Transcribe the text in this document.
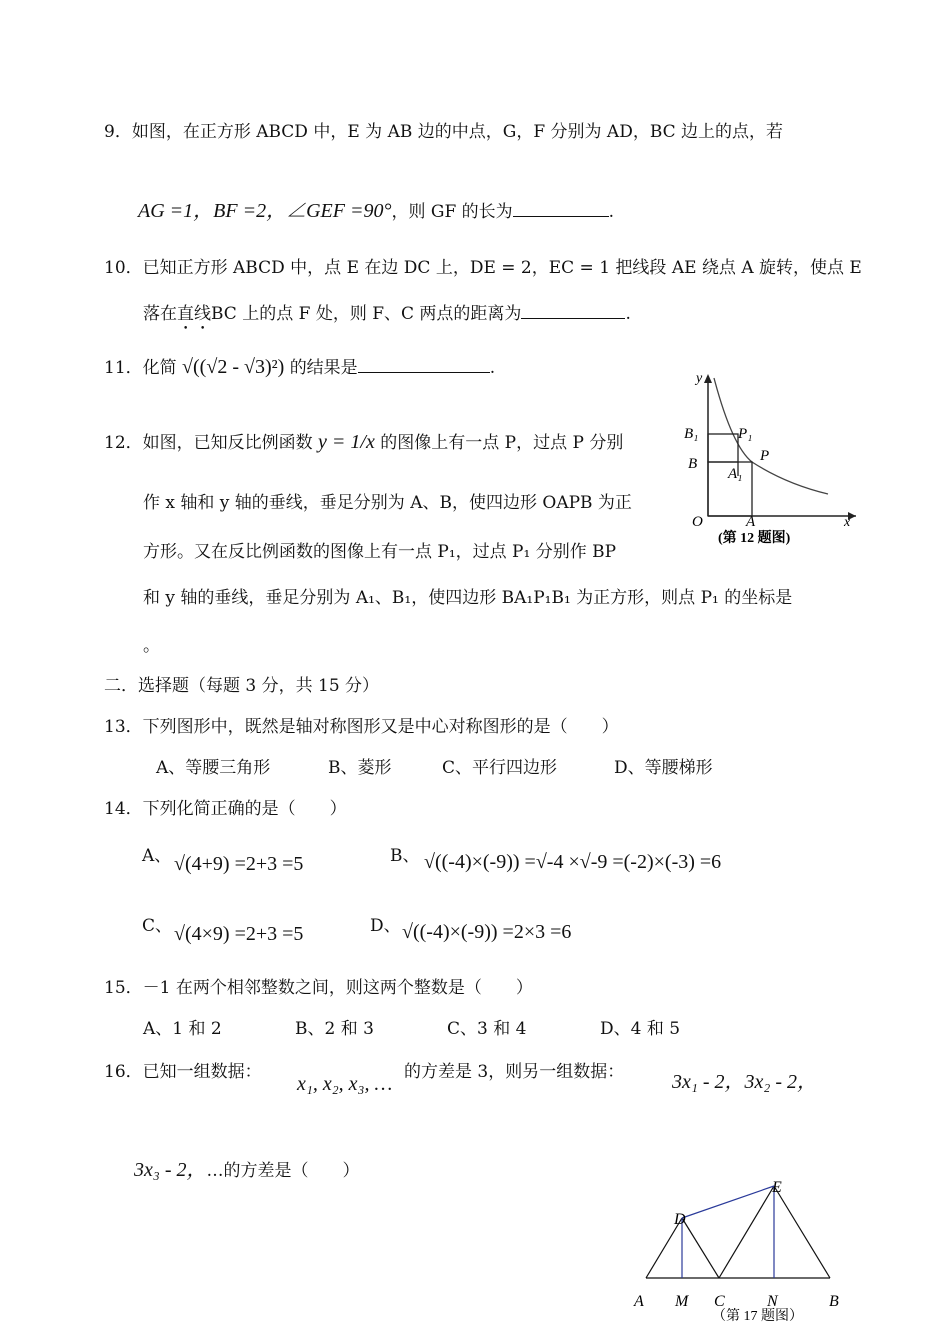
9．如图，在正方形 ABCD 中，E 为 AB 边的中点，G，F 分别为 AD，BC 边上的点，若
AG =1，BF =2，∠GEF =90°，则 GF 的长为	.
10．已知正方形 ABCD 中，点 E 在边 DC 上，DE = 2，EC = 1 把线段 AE 绕点 A 旋转，使点 E
落在直线BC 上的点 F 处，则 F、C 两点的距离为	.
11．化简 √((√2 - √3)²) 的结果是	.
12．如图，已知反比例函数 y = 1/x 的图像上有一点 P，过点 P 分别
作 x 轴和 y 轴的垂线，垂足分别为 A、B，使四边形 OAPB 为正
方形。又在反比例函数的图像上有一点 P₁，过点 P₁ 分别作 BP
和 y 轴的垂线，垂足分别为 A₁、B₁，使四边形 BA₁P₁B₁ 为正方形，则点 P₁ 的坐标是
。
y
B₁	P₁
B
A₁
P
O	A	x
(第 12 题图)
二．选择题（每题 3 分，共 15 分）
13．下列图形中，既然是轴对称图形又是中心对称图形的是（　　）
A、等腰三角形	B、菱形	C、平行四边形	D、等腰梯形
14．下列化简正确的是（　　）
A、 √(4+9) =2+3 =5	B、 √((-4)×(-9)) =√-4 ×√-9 =(-2)×(-3) =6
C、 √(4×9) =2+3 =5	D、 √((-4)×(-9)) =2×3 =6
15．－1 在两个相邻整数之间，则这两个整数是（　　）
A、1 和 2	B、2 和 3	C、3 和 4	D、4 和 5
16．已知一组数据：
x₁, x₂, x₃, …
的方差是 3，则另一组数据： 3x₁ - 2，3x₂ - 2，
3x₃ - 2，…的方差是（　　）
E
D
A M C	N	B
（第 17 题图）
